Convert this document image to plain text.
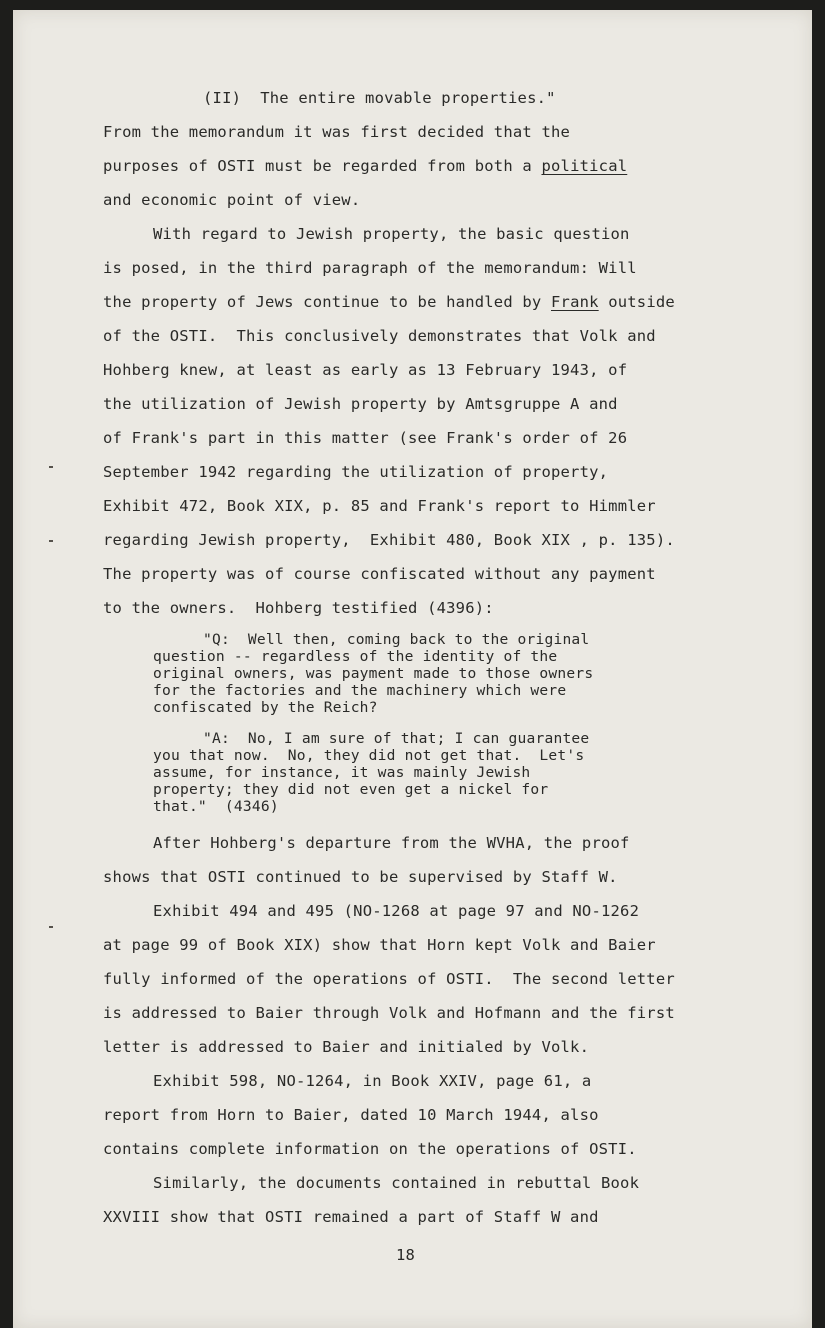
(II)  The entire movable properties."
From the memorandum it was first decided that the
purposes of OSTI must be regarded from both a political
and economic point of view.
With regard to Jewish property, the basic question
is posed, in the third paragraph of the memorandum: Will
the property of Jews continue to be handled by Frank outside
of the OSTI.  This conclusively demonstrates that Volk and
Hohberg knew, at least as early as 13 February 1943, of
the utilization of Jewish property by Amtsgruppe A and
of Frank's part in this matter (see Frank's order of 26
September 1942 regarding the utilization of property,
Exhibit 472, Book XIX, p. 85 and Frank's report to Himmler
regarding Jewish property,  Exhibit 480, Book XIX , p. 135).
The property was of course confiscated without any payment
to the owners.  Hohberg testified (4396):
"Q:  Well then, coming back to the original
question -- regardless of the identity of the
original owners, was payment made to those owners
for the factories and the machinery which were
confiscated by the Reich?
"A:  No, I am sure of that; I can guarantee
you that now.  No, they did not get that.  Let's
assume, for instance, it was mainly Jewish
property; they did not even get a nickel for
that."  (4346)
After Hohberg's departure from the WVHA, the proof
shows that OSTI continued to be supervised by Staff W.
Exhibit 494 and 495 (NO-1268 at page 97 and NO-1262
at page 99 of Book XIX) show that Horn kept Volk and Baier
fully informed of the operations of OSTI.  The second letter
is addressed to Baier through Volk and Hofmann and the first
letter is addressed to Baier and initialed by Volk.
Exhibit 598, NO-1264, in Book XXIV, page 61, a
report from Horn to Baier, dated 10 March 1944, also
contains complete information on the operations of OSTI.
Similarly, the documents contained in rebuttal Book
XXVIII show that OSTI remained a part of Staff W and
18
